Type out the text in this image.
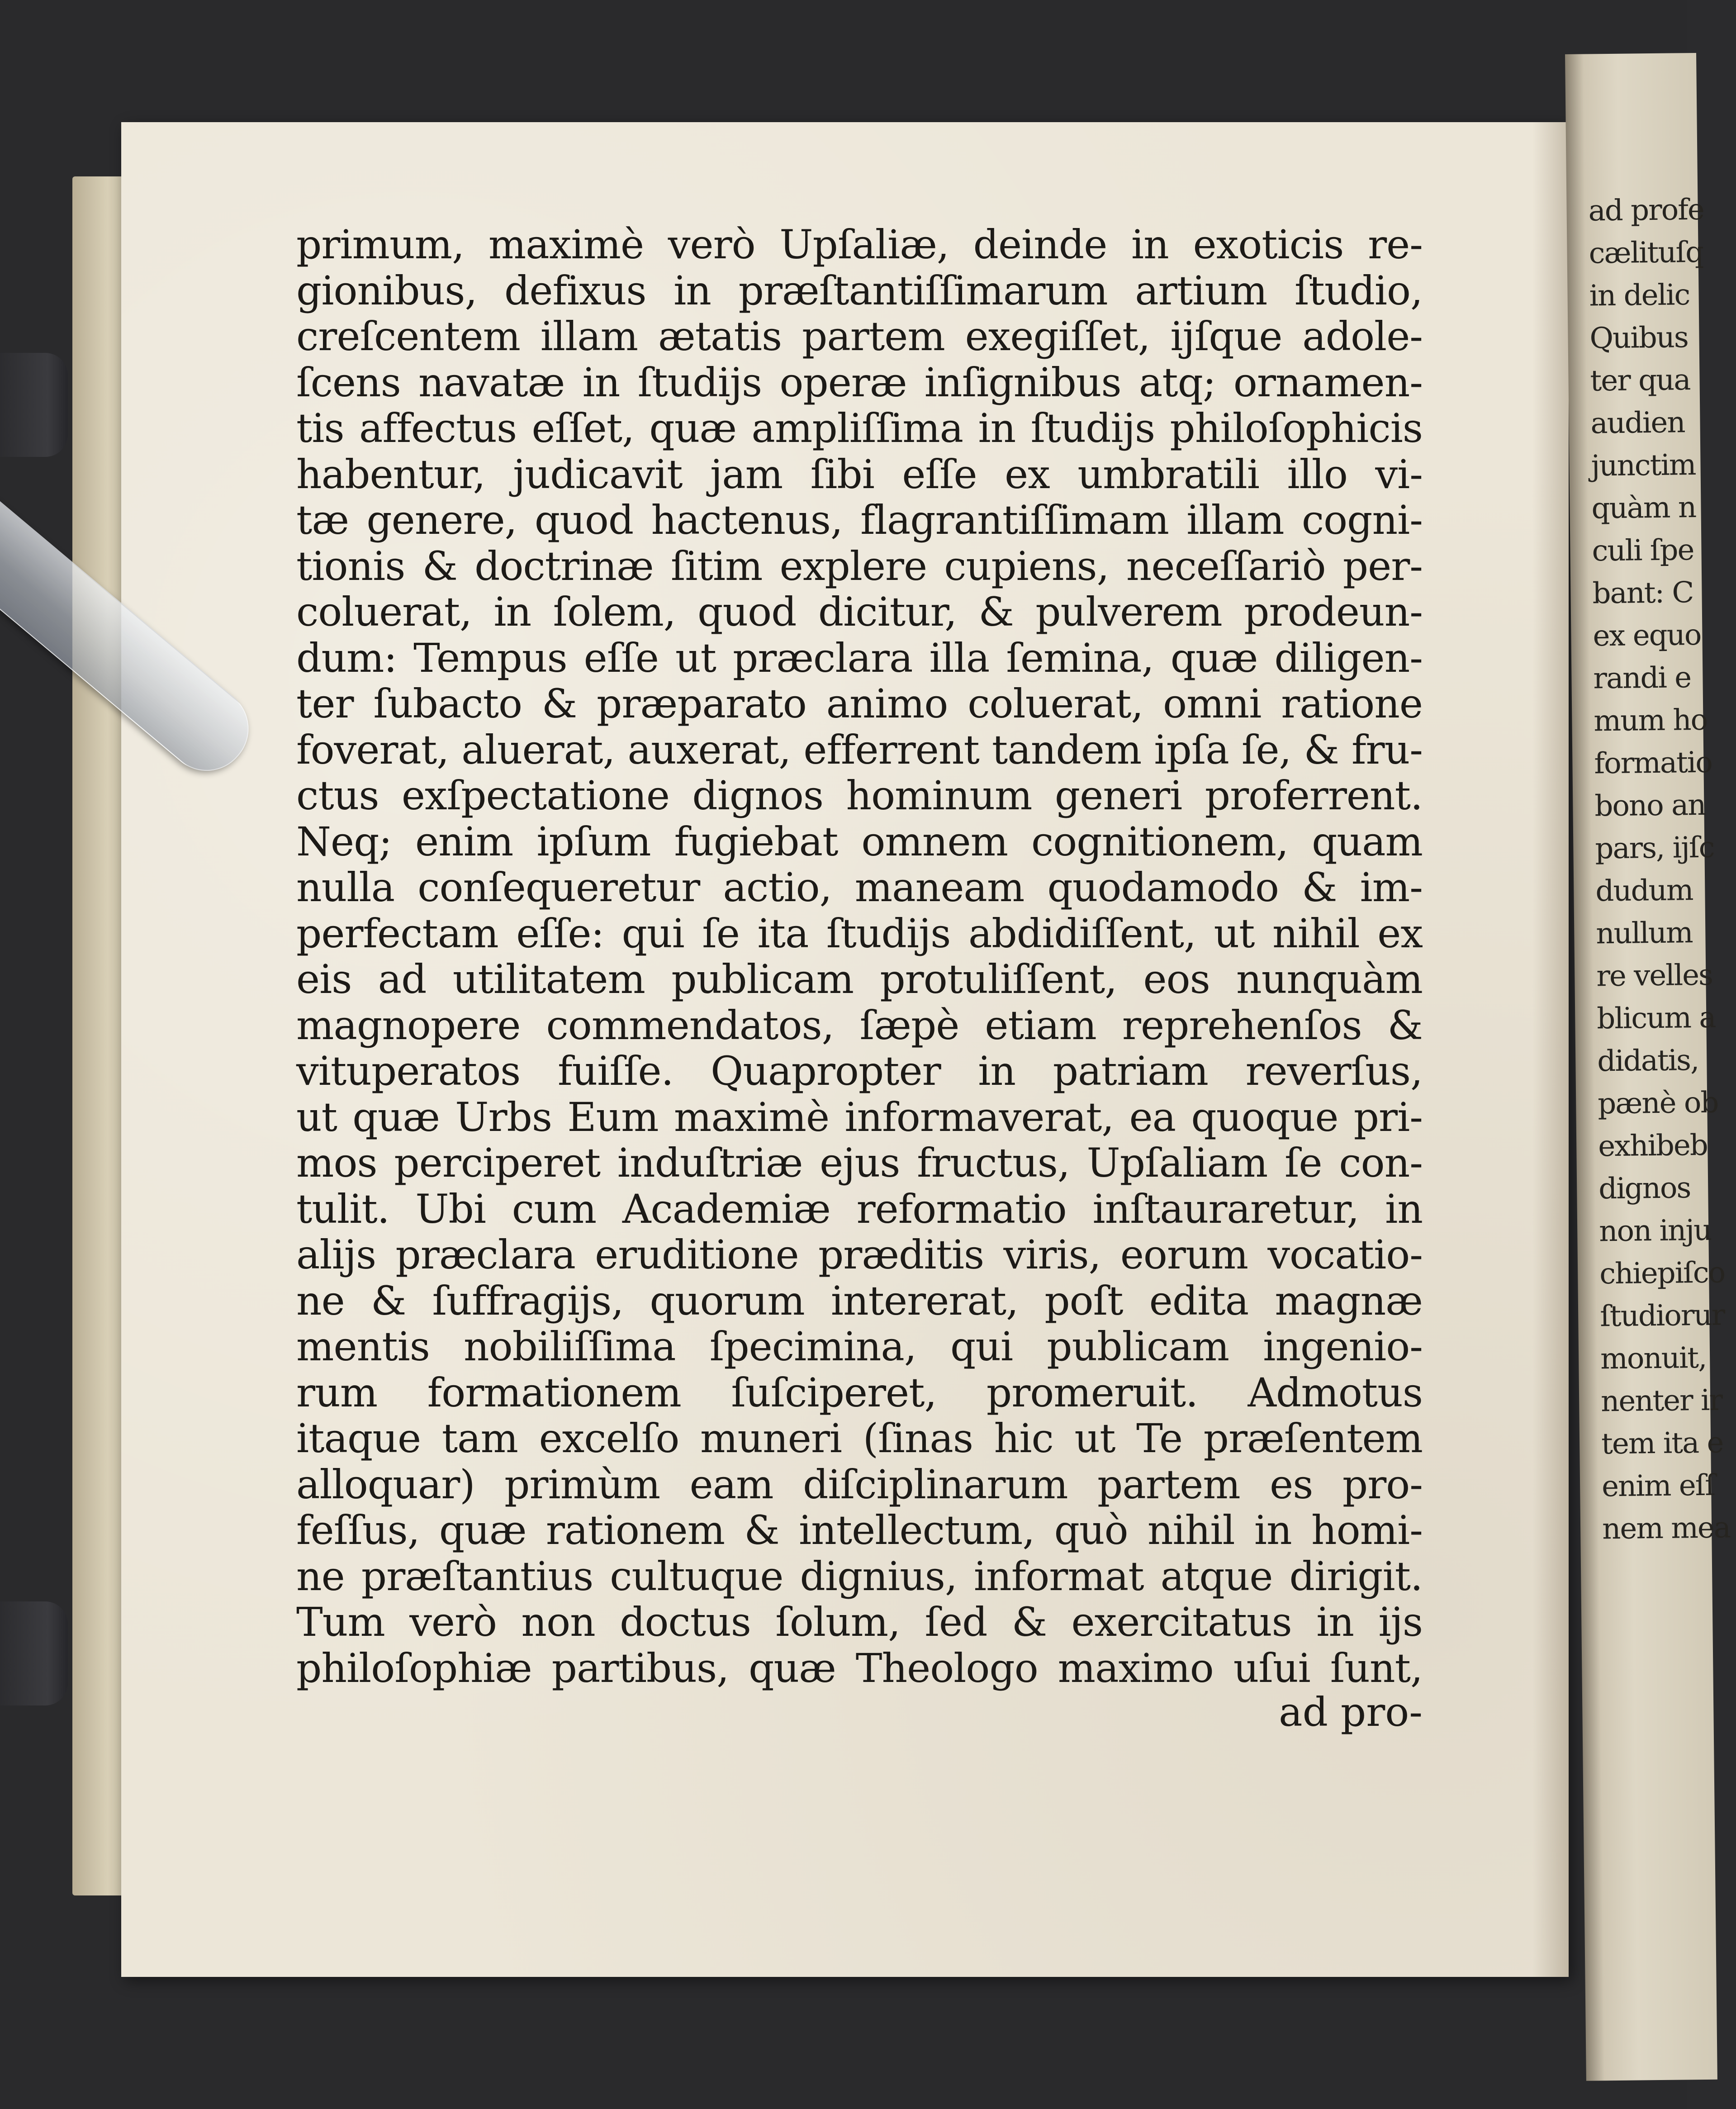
primum, maximè verò Upſaliæ, deinde in exoticis re-
gionibus, defixus in præſtantiſſimarum artium ſtudio,
creſcentem illam ætatis partem exegiſſet, ijſque adole-
ſcens navatæ in ſtudijs operæ inſignibus atq; ornamen-
tis affectus eſſet, quæ ampliſſima in ſtudijs philoſophicis
habentur, judicavit jam ſibi eſſe ex umbratili illo vi-
tæ genere, quod hactenus, flagrantiſſimam illam cogni-
tionis & doctrinæ ſitim explere cupiens, neceſſariò per-
coluerat, in ſolem, quod dicitur, & pulverem prodeun-
dum: Tempus eſſe ut præclara illa ſemina, quæ diligen-
ter ſubacto & præparato animo coluerat, omni ratione
foverat, aluerat, auxerat, efferrent tandem ipſa ſe, & fru-
ctus exſpectatione dignos hominum generi proferrent.
Neq; enim ipſum fugiebat omnem cognitionem, quam
nulla conſequeretur actio, maneam quodamodo & im-
perfectam eſſe: qui ſe ita ſtudijs abdidiſſent, ut nihil ex
eis ad utilitatem publicam protuliſſent, eos nunquàm
magnopere commendatos, ſæpè etiam reprehenſos &
vituperatos fuiſſe. Quapropter in patriam reverſus,
ut quæ Urbs Eum maximè informaverat, ea quoque pri-
mos perciperet induſtriæ ejus fructus, Upſaliam ſe con-
tulit. Ubi cum Academiæ reformatio inſtauraretur, in
alijs præclara eruditione præditis viris, eorum vocatio-
ne & ſuffragijs, quorum intererat, poſt edita magnæ
mentis nobiliſſima ſpecimina, qui publicam ingenio-
rum formationem ſuſciperet, promeruit. Admotus
itaque tam excelſo muneri (ſinas hic ut Te præſentem
alloquar) primùm eam diſciplinarum partem es pro-
feſſus, quæ rationem & intellectum, quò nihil in homi-
ne præſtantius cultuque dignius, informat atque dirigit.
Tum verò non doctus ſolum, ſed & exercitatus in ijs
philoſophiæ partibus, quæ Theologo maximo uſui ſunt,
ad pro-
ad profe
cælituſq
in delic
Quibus
ter qua
audien
junctim
quàm n
culi ſpe
bant: C
ex equo
randi e
mum ho
formatio
bono an
pars, ijſc
dudum
nullum
re velles
blicum a
didatis,
pænè ob
exhibeb
dignos
non inju
chiepiſco
ſtudiorur
monuit,
nenter ir
tem ita e
enim eſſ
nem mea
